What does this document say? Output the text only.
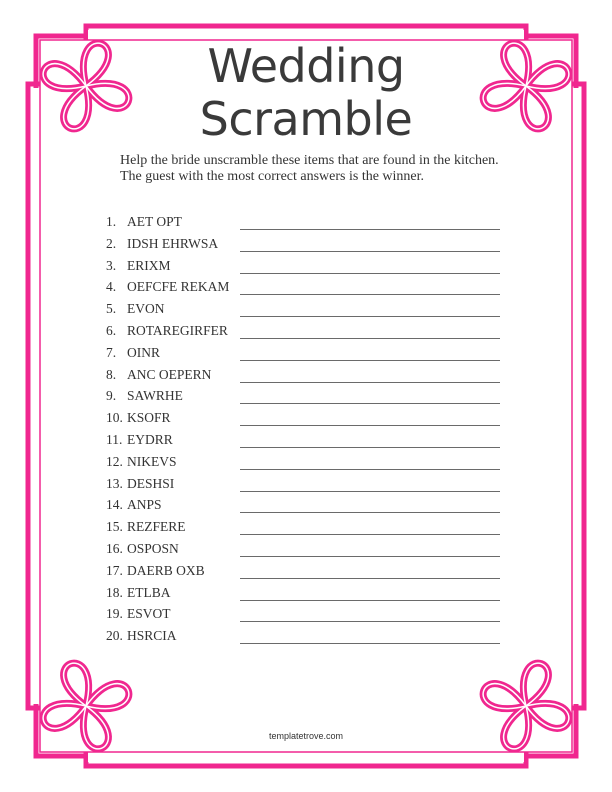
Wedding
Scramble
Help the bride unscramble these items that are found in the kitchen. The guest with the most correct answers is the winner.
1. AET OPT
2. IDSH EHRWSA
3. ERIXM
4. OEFCFE REKAM
5. EVON
6. ROTAREGIRFER
7. OINR
8. ANC OEPERN
9. SAWRHE
10. KSOFR
11. EYDRR
12. NIKEVS
13. DESHSI
14. ANPS
15. REZFERE
16. OSPOSN
17. DAERB OXB
18. ETLBA
19. ESVOT
20. HSRCIA
templatetrove.com
